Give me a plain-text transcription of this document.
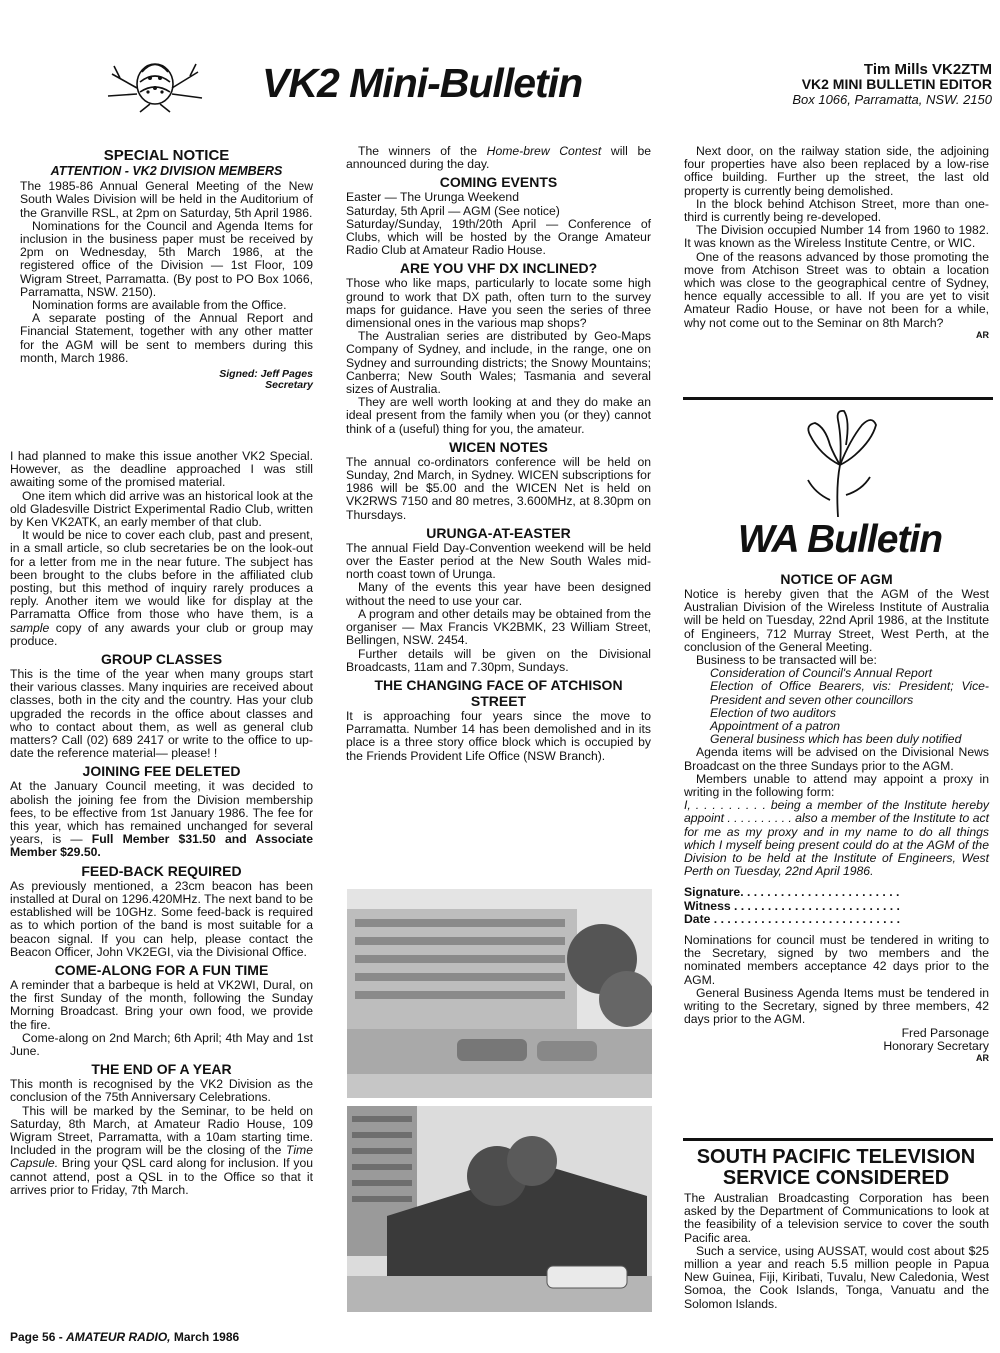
VK2 Mini-Bulletin	Tim Mills VK2ZTM
VK2 MINI BULLETIN EDITOR
Box 1066, Parramatta, NSW. 2150
SPECIAL NOTICE
ATTENTION - VK2 DIVISION MEMBERS

The 1985-86 Annual General Meeting of the New South Wales Division will be held in the Auditorium of the Granville RSL, at 2pm on Saturday, 5th April 1986.

Nominations for the Council and Agenda Items for inclusion in the business paper must be received by 2pm on Wednesday, 5th March 1986, at the registered office of the Division — 1st Floor, 109 Wigram Street, Parramatta. (By post to PO Box 1066, Parramatta, NSW. 2150).

Nomination forms are available from the Office.

A separate posting of the Annual Report and Financial Statement, together with any other matter for the AGM will be sent to members during this month, March 1986.

Signed: Jeff Pages
Secretary

I had planned to make this issue another VK2 Special. However, as the deadline approached I was still awaiting some of the promised material.

One item which did arrive was an historical look at the old Gladesville District Experimental Radio Club, written by Ken VK2ATK, an early member of that club.

It would be nice to cover each club, past and present, in a small article, so club secretaries be on the look-out for a letter from me in the near future. The subject has been brought to the clubs before in the affiliated club posting, but this method of inquiry rarely produces a reply. Another item we would like for display at the Parramatta Office from those who have them, is a sample copy of any awards your club or group may produce.

GROUP CLASSES

This is the time of the year when many groups start their various classes. Many inquiries are received about classes, both in the city and the country. Has your club upgraded the records in the office about classes and who to contact about them, as well as general club matters? Call (02) 689 2417 or write to the office to up-date the reference material— please! !

JOINING FEE DELETED

At the January Council meeting, it was decided to abolish the joining fee from the Division membership fees, to be effective from 1st January 1986. The fee for this year, which has remained unchanged for several years, is — Full Member $31.50 and Associate Member $29.50.

FEED-BACK REQUIRED

As previously mentioned, a 23cm beacon has been installed at Dural on 1296.420MHz. The next band to be established will be 10GHz. Some feed-back is required as to which portion of the band is most suitable for a beacon signal. If you can help, please contact the Beacon Officer, John VK2EGI, via the Divisional Office.

COME-ALONG FOR A FUN TIME

A reminder that a barbeque is held at VK2WI, Dural, on the first Sunday of the month, following the Sunday Morning Broadcast. Bring your own food, we provide the fire.

Come-along on 2nd March; 6th April; 4th May and 1st June.

THE END OF A YEAR

This month is recognised by the VK2 Division as the conclusion of the 75th Anniversary Celebrations.

This will be marked by the Seminar, to be held on Saturday, 8th March, at Amateur Radio House, 109 Wigram Street, Parramatta, with a 10am starting time. Included in the program will be the closing of the Time Capsule. Bring your QSL card along for inclusion. If you cannot attend, post a QSL in to the Office so that it arrives prior to Friday, 7th March.

The winners of the Home-brew Contest will be announced during the day.

COMING EVENTS

Easter — The Urunga Weekend

Saturday, 5th April — AGM (See notice)

Saturday/Sunday, 19th/20th April — Conference of Clubs, which will be hosted by the Orange Amateur Radio Club at Amateur Radio House.

ARE YOU VHF DX INCLINED?

Those who like maps, particularly to locate some high ground to work that DX path, often turn to the survey maps for guidance. Have you seen the series of three dimensional ones in the various map shops?

The Australian series are distributed by Geo-Maps Company of Sydney, and include, in the range, one on Sydney and surrounding districts; the Snowy Mountains; Canberra; New South Wales; Tasmania and several sizes of Australia.

They are well worth looking at and they do make an ideal present from the family when you (or they) cannot think of a (useful) thing for you, the amateur.

WICEN NOTES

The annual co-ordinators conference will be held on Sunday, 2nd March, in Sydney. WICEN subscriptions for 1986 will be $5.00 and the WICEN Net is held on VK2RWS 7150 and 80 metres, 3.600MHz, at 8.30pm on Thursdays.

URUNGA-AT-EASTER

The annual Field Day-Convention weekend will be held over the Easter period at the New South Wales mid-north coast town of Urunga.

Many of the events this year have been designed without the need to use your car.

A program and other details may be obtained from the organiser — Max Francis VK2BMK, 23 William Street, Bellingen, NSW. 2454.

Further details will be given on the Divisional Broadcasts, 11am and 7.30pm, Sundays.

THE CHANGING FACE OF ATCHISON STREET

It is approaching four years since the move to Parramatta. Number 14 has been demolished and in its place is a three story office block which is occupied by the Friends Provident Life Office (NSW Branch).

Next door, on the railway station side, the adjoining four properties have also been replaced by a low-rise office building. Further up the street, the last old property is currently being demolished.

In the block behind Atchison Street, more than one-third is currently being re-developed.

The Division occupied Number 14 from 1960 to 1982. It was known as the Wireless Institute Centre, or WIC.

One of the reasons advanced by those promoting the move from Atchison Street was to obtain a location which was close to the geographical centre of Sydney, hence equally accessible to all. If you are yet to visit Amateur Radio House, or have not been for a while, why not come out to the Seminar on 8th March?

AR
WA Bulletin
NOTICE OF AGM

Notice is hereby given that the AGM of the West Australian Division of the Wireless Institute of Australia will be held on Tuesday, 22nd April 1986, at the Institute of Engineers, 712 Murray Street, West Perth, at the conclusion of the General Meeting.

Business to be transacted will be:

Consideration of Council's Annual Report

Election of Office Bearers, vis: President; Vice-President and seven other councillors

Election of two auditors

Appointment of a patron

General business which has been duly notified

Agenda items will be advised on the Divisional News Broadcast on the three Sundays prior to the AGM.

Members unable to attend may appoint a proxy in writing in the following form:

I, . . . . . . . . . being a member of the Institute hereby appoint . . . . . . . . . . also a member of the Institute to act for me as my proxy and in my name to do all things which I myself being present could do at the AGM of the Division to be held at the Institute of Engineers, West Perth on Tuesday, 22nd April 1986.

Signature. . . . . . . . . . . . . . . . . . . . . . . .

Witness . . . . . . . . . . . . . . . . . . . . . . . . .

Date . . . . . . . . . . . . . . . . . . . . . . . . . . . .

Nominations for council must be tendered in writing to the Secretary, signed by two members and the nominated members acceptance 42 days prior to the AGM.

General Business Agenda Items must be tendered in writing to the Secretary, signed by three members, 42 days prior to the AGM.

Fred Parsonage

Honorary Secretary

AR
SOUTH PACIFIC TELEVISION SERVICE CONSIDERED

The Australian Broadcasting Corporation has been asked by the Department of Communications to look at the feasibility of a television service to cover the south Pacific area.

Such a service, using AUSSAT, would cost about $25 million a year and reach 5.5 million people in Papua New Guinea, Fiji, Kiribati, Tuvalu, New Caledonia, West Somoa, the Cook Islands, Tonga, Vanuatu and the Solomon Islands.

Page 56 - AMATEUR RADIO, March 1986
